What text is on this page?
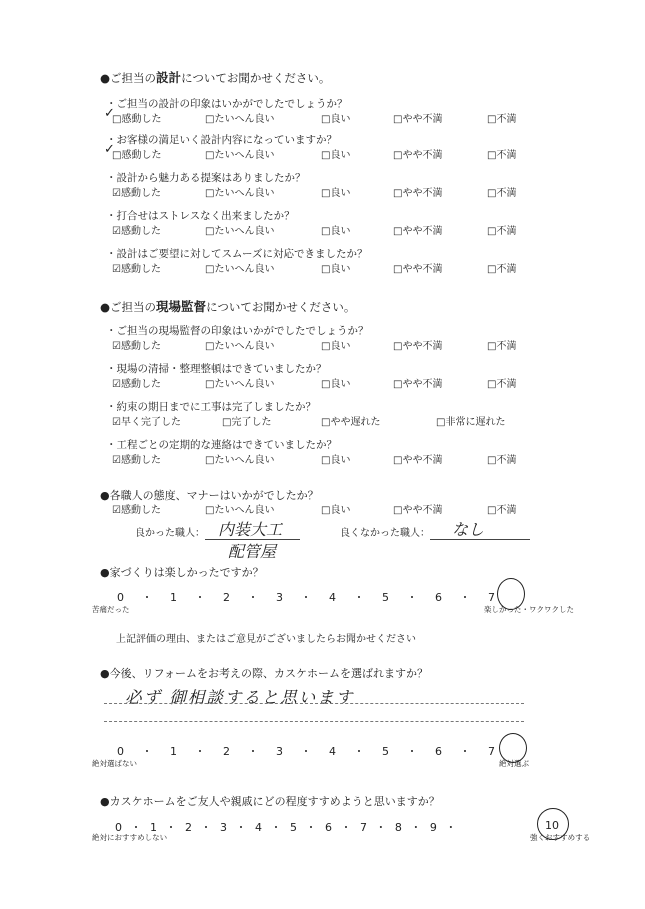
●ご担当の設計についてお聞かせください。
・ご担当の設計の印象はいかがでしたでしょうか？
□感動した	□たいへん良い	□良い	□やや不満	□不満
✓
・お客様の満足いく設計内容になっていますか？
□感動した	□たいへん良い	□良い	□やや不満	□不満
✓
・設計から魅力ある提案はありましたか？
☑感動した	□たいへん良い	□良い	□やや不満	□不満
・打合せはストレスなく出来ましたか？
☑感動した	□たいへん良い	□良い	□やや不満	□不満
・設計はご要望に対してスムーズに対応できましたか？
☑感動した	□たいへん良い	□良い	□やや不満	□不満
●ご担当の現場監督についてお聞かせください。
・ご担当の現場監督の印象はいかがでしたでしょうか？
☑感動した	□たいへん良い	□良い	□やや不満	□不満
・現場の清掃・整理整頓はできていましたか？
☑感動した	□たいへん良い	□良い	□やや不満	□不満
・約束の期日までに工事は完了しましたか？
☑早く完了した	□完了した	□やや遅れた	□非常に遅れた
・工程ごとの定期的な連絡はできていましたか？
☑感動した	□たいへん良い	□良い	□やや不満	□不満
●各職人の態度、マナーはいかがでしたか？
☑感動した	□たいへん良い	□良い	□やや不満	□不満
良かった職人： 内装大工
配管屋
良くなかった職人： なし
●家づくりは楽しかったですか？
0 ・ 1 ・ 2 ・ 3 ・ 4 ・ 5 ・ 6 ・ 7
苦痛だった	楽しかった・ワクワクした
上記評価の理由、またはご意見がございましたらお聞かせください
●今後、リフォームをお考えの際、カスケホームを選ばれますか？
必ず 御相談すると思います
0 ・ 1 ・ 2 ・ 3 ・ 4 ・ 5 ・ 6 ・ 7
絶対選ばない	絶対選ぶ
●カスケホームをご友人や親戚にどの程度すすめようと思いますか？
0 ・ 1 ・ 2 ・ 3 ・ 4 ・ 5 ・ 6 ・ 7 ・ 8 ・ 9 ・	10
絶対におすすめしない	強くおすすめする
